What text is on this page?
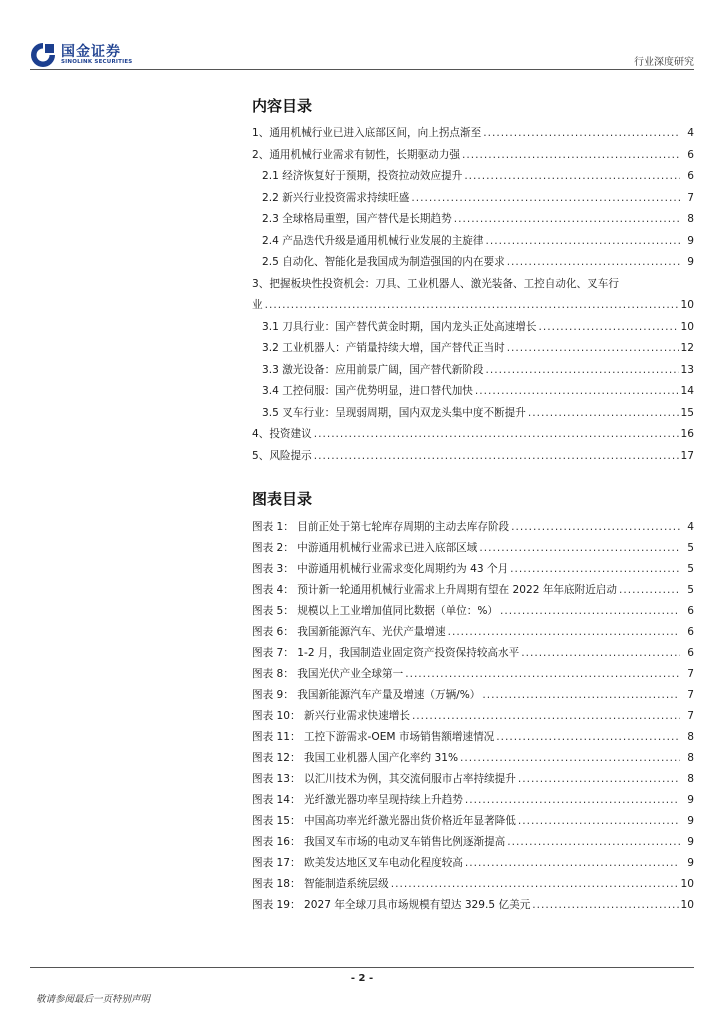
国金证券
SINOLINK SECURITIES	行业深度研究
内容目录
1、通用机械行业已进入底部区间，向上拐点渐至 .....	4
2、通用机械行业需求有韧性，长期驱动力强 .....	6
2.1 经济恢复好于预期，投资拉动效应提升 .....	6
2.2 新兴行业投资需求持续旺盛 .....	7
2.3 全球格局重塑，国产替代是长期趋势 .....	8
2.4 产品迭代升级是通用机械行业发展的主旋律 .....	9
2.5 自动化、智能化是我国成为制造强国的内在要求 .....	9
3、把握板块性投资机会：刀具、工业机器人、激光装备、工控自动化、叉车行
业 .....	10
3.1 刀具行业：国产替代黄金时期，国内龙头正处高速增长 .....	10
3.2 工业机器人：产销量持续大增，国产替代正当时 .....	12
3.3 激光设备：应用前景广阔，国产替代新阶段 .....	13
3.4 工控伺服：国产优势明显，进口替代加快 .....	14
3.5 叉车行业：呈现弱周期，国内双龙头集中度不断提升 .....	15
4、投资建议 .....	16
5、风险提示 .....	17
图表目录
图表 1： 目前正处于第七轮库存周期的主动去库存阶段 .....	4
图表 2： 中游通用机械行业需求已进入底部区域 .....	5
图表 3： 中游通用机械行业需求变化周期约为 43 个月 .....	5
图表 4： 预计新一轮通用机械行业需求上升周期有望在 2022 年年底附近启动 .....	5
图表 5： 规模以上工业增加值同比数据（单位：%） .....	6
图表 6： 我国新能源汽车、光伏产量增速 .....	6
图表 7： 1-2 月，我国制造业固定资产投资保持较高水平 .....	6
图表 8： 我国光伏产业全球第一 .....	7
图表 9： 我国新能源汽车产量及增速（万辆/%） .....	7
图表 10： 新兴行业需求快速增长 .....	7
图表 11： 工控下游需求-OEM 市场销售额增速情况 .....	8
图表 12： 我国工业机器人国产化率约 31% .....	8
图表 13： 以汇川技术为例，其交流伺服市占率持续提升 .....	8
图表 14： 光纤激光器功率呈现持续上升趋势 .....	9
图表 15： 中国高功率光纤激光器出货价格近年显著降低 .....	9
图表 16： 我国叉车市场的电动叉车销售比例逐渐提高 .....	9
图表 17： 欧美发达地区叉车电动化程度较高 .....	9
图表 18： 智能制造系统层级 .....	10
图表 19： 2027 年全球刀具市场规模有望达 329.5 亿美元 .....	10
- 2 -
敬请参阅最后一页特别声明
